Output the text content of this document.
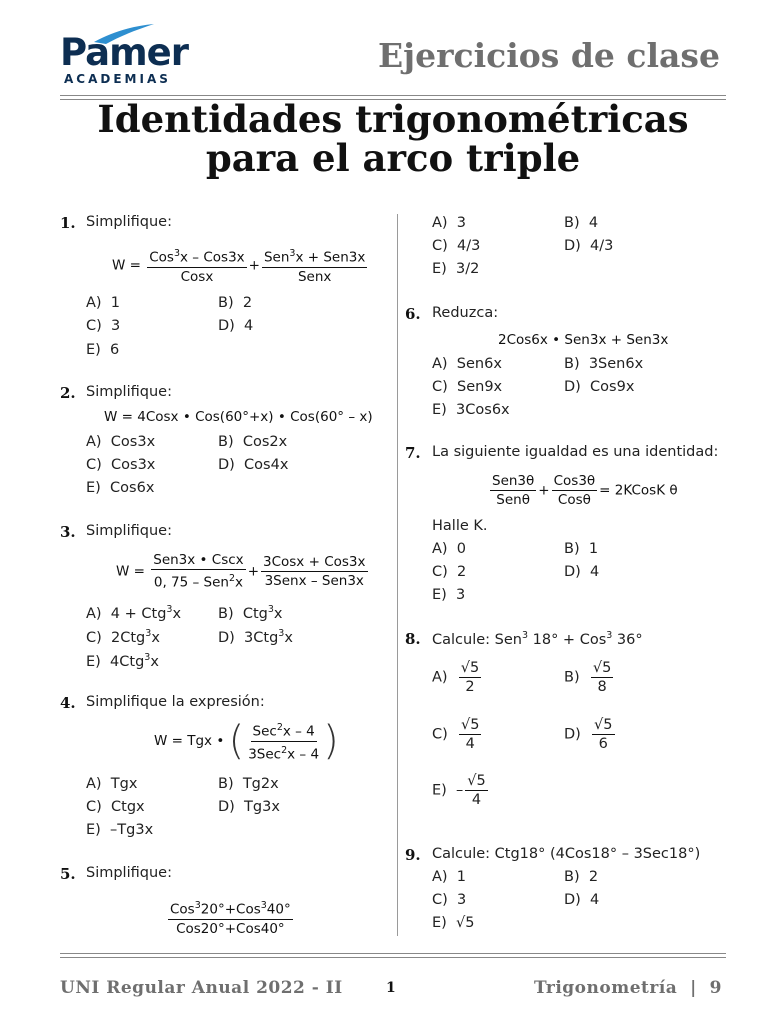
Pamer
ACADEMIAS
Ejercicios de clase
Identidades trigonométricas
para el arco triple
1. Simplifique:
$W = \frac{Cos^3x - Cos3x}{\text{Cosx}} + \frac{Sen^3x + Sen3x}{\text{Senx}}$
A) 1	B) 2
C) 3	D) 4
E) 6
2. Simplifique:
W = 4Cosx • Cos(60°+x) • Cos(60° – x)
A) Cos3x	B) Cos2x
C) Cos3x	D) Cos4x
E) Cos6x
3. Simplifique:
$W = \frac{\text{Sen3x • Cscx}}{0, 75 - Sen^2x} + \frac{\text{3Cosx + Cos3x}}{\text{3Senx – Sen3x}}$
A) 4 + Ctg$^3$x	B) Ctg$^3$x
C) 2Ctg$^3$x	D) 3Ctg$^3$x
E) 4Ctg$^3$x
4. Simplifique la expresión:
W = Tgx • ( $\frac{Sec^2x - 4}{3Sec^2x - 4}$ )
A) Tgx	B) Tg2x
C) Ctgx	D) Tg3x
E) –Tg3x
5. Simplifique:
$\frac{Cos^320^\circ+Cos^340^\circ}{\text{Cos20°+Cos40°}}$
A) 3	B) 4
C) 4/3	D) 4/3
E) 3/2
6. Reduzca:
2Cos6x • Sen3x + Sen3x
A) Sen6x	B) 3Sen6x
C) Sen9x	D) Cos9x
E) 3Cos6x
7. La siguiente igualdad es una identidad:
$\frac{\text{Sen3θ}}{\text{Senθ}} + \frac{\text{Cos3θ}}{\text{Cosθ}}$ = 2KCosK θ
Halle K.
A) 0	B) 1
C) 2	D) 4
E) 3
8. Calcule: Sen$^3$ 18° + Cos$^3$ 36°
$A) \frac{√5}{2}$	$B) \frac{√5}{8}$
$C) \frac{√5}{4}$	$D) \frac{√5}{6}$
$E) - \frac{√5}{4}$
9. Calcule: Ctg18° (4Cos18° – 3Sec18°)
A) 1	B) 2
C) 3	D) 4
E) √5
UNI Regular Anual 2022 - II	1	Trigonometría  |  9
